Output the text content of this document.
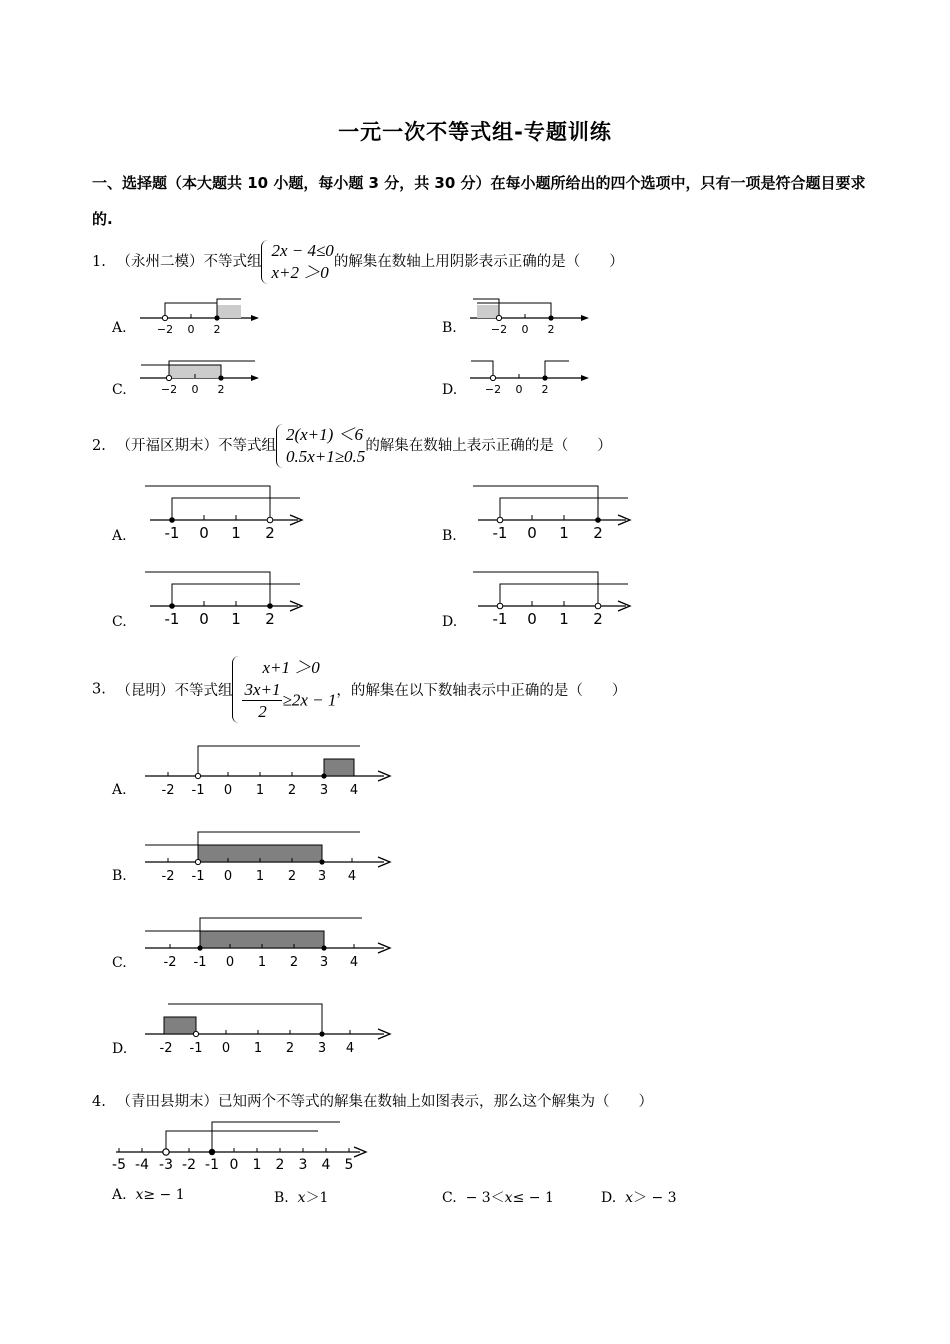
一元一次不等式组-专题训练
一、选择题（本大题共 10 小题，每小题 3 分，共 30 分）在每小题所给出的四个选项中，只有一项是符合题目要求的.
1. （永州二模）不等式组
2x − 4≤0
x+2 ＞0
的解集在数轴上用阴影表示正确的是（　　）
A.	−2 0 2	B.	−2 0 2
C.	−2 0 2	D.	−2 0 2
2. （开福区期末）不等式组
2(x+1) ＜6
0.5x+1≥0.5
的解集在数轴上表示正确的是（　　）
A.	-1 0 1 2	B. -1 0 1 2
C.	-1 0 1 2	D. -1 0 1 2
3. （昆明）不等式组
x+1 ＞0
$\frac{3x+1}{2} \ge 2x - 1$ ，的解集在以下数轴表示中正确的是（　　）
A.	-2 -1 0 1 2 3 4
B.	-2 -1 0 1 2 3 4
C.	-2 -1 0 1 2 3 4
D. -2 -1 0 1 2 3 4
4. （青田县期末）已知两个不等式的解集在数轴上如图表示，那么这个解集为（　　）
-5 -4 -3 -2 -1 0 1 2 3 4 5
A. x≥ − 1	B. x＞1	C. − 3＜x≤ − 1	D. x＞ − 3
